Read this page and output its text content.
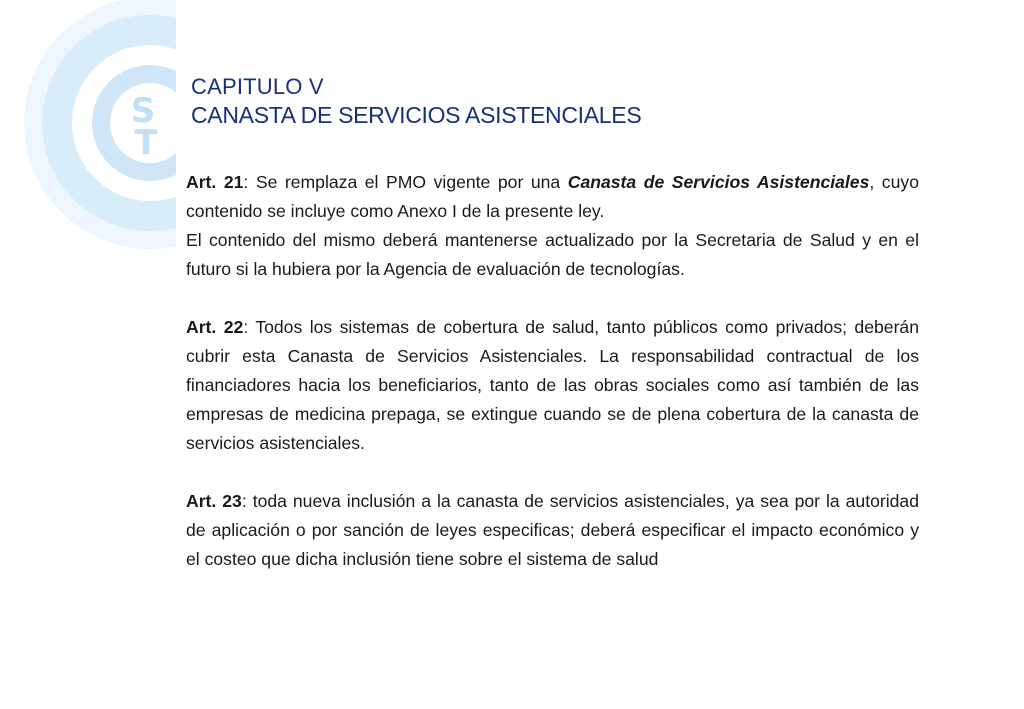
S
T
CAPITULO V
CANASTA DE SERVICIOS ASISTENCIALES

Art. 21: Se remplaza el PMO vigente por una Canasta de Servicios Asistenciales, cuyo contenido se incluye como Anexo I de la presente ley.

El contenido del mismo deberá mantenerse actualizado por la Secretaria de Salud y en el futuro si la hubiera por la Agencia de evaluación de tecnologías.

Art. 22: Todos los sistemas de cobertura de salud, tanto públicos como privados; deberán cubrir esta Canasta de Servicios Asistenciales. La responsabilidad contractual de los financiadores hacia los beneficiarios, tanto de las obras sociales como así también de las empresas de medicina prepaga, se extingue cuando se de plena cobertura de la canasta de servicios asistenciales.

Art. 23: toda nueva inclusión a la canasta de servicios asistenciales, ya sea por la autoridad de aplicación o por sanción de leyes especificas; deberá especificar el impacto económico y el costeo que dicha inclusión tiene sobre el sistema de salud
